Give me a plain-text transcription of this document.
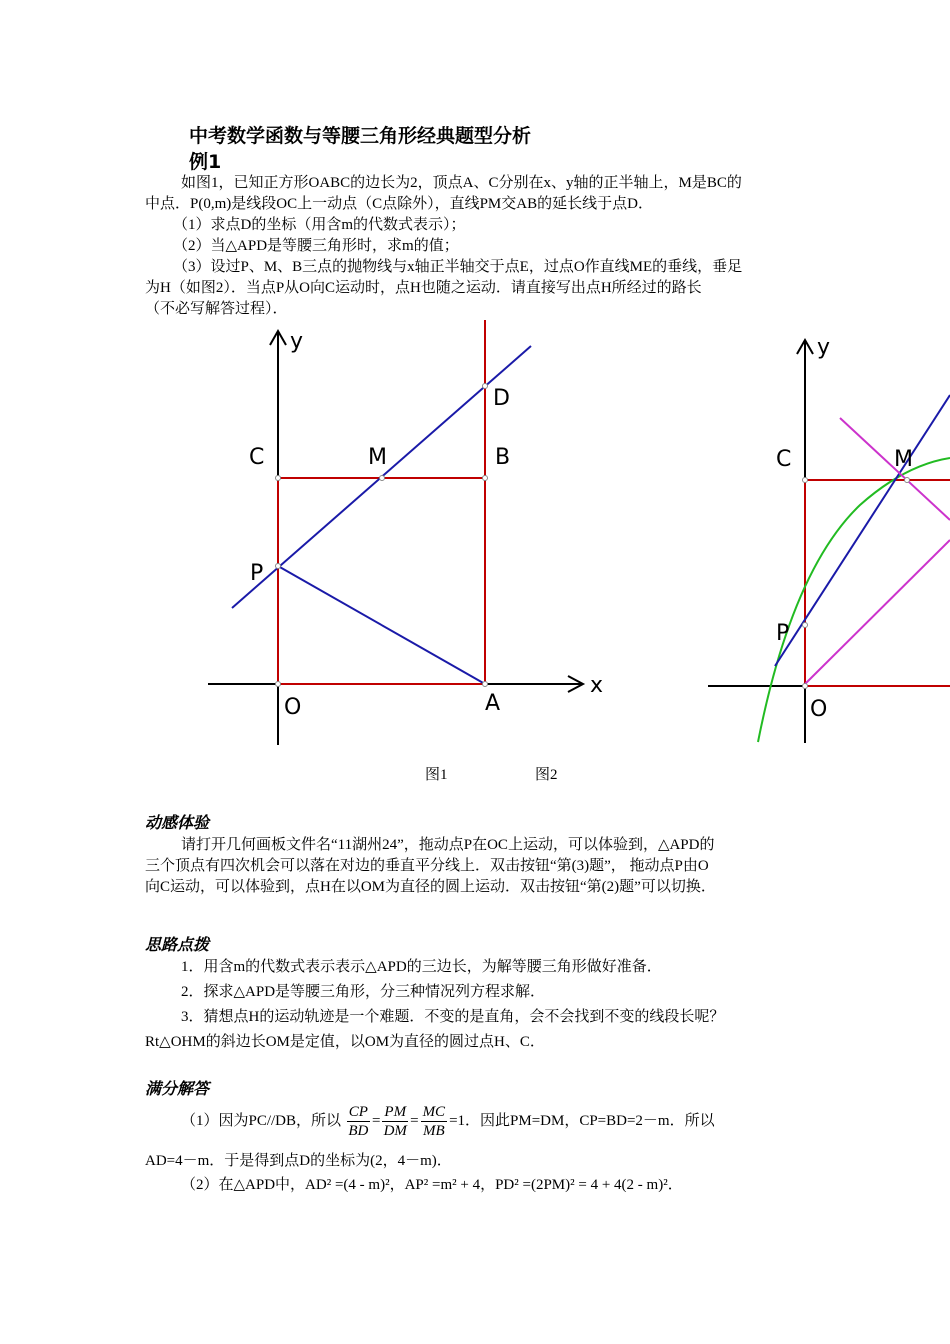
中考数学函数与等腰三角形经典题型分析
例1
如图1，已知正方形OABC的边长为2，顶点A、C分别在x、y轴的正半轴上，M是BC的
中点．P(0,m)是线段OC上一动点（C点除外），直线PM交AB的延长线于点D．
（1）求点D的坐标（用含m的代数式表示）；
（2）当△APD是等腰三角形时，求m的值；
（3）设过P、M、B三点的抛物线与x轴正半轴交于点E，过点O作直线ME的垂线，垂足
为H（如图2）．当点P从O向C运动时，点H也随之运动．请直接写出点H所经过的路长
（不必写解答过程）．
y
x
C	M	B
D
P
O	A
y
C	M
P
O
图1	图2
动感体验
请打开几何画板文件名“11湖州24”，拖动点P在OC上运动，可以体验到，△APD的
三个顶点有四次机会可以落在对边的垂直平分线上．双击按钮“第(3)题”， 拖动点P由O
向C运动，可以体验到，点H在以OM为直径的圆上运动．双击按钮“第(2)题”可以切换．
思路点拨
1．用含m的代数式表示表示△APD的三边长，为解等腰三角形做好准备．
2．探求△APD是等腰三角形，分三种情况列方程求解．
3．猜想点H的运动轨迹是一个难题．不变的是直角，会不会找到不变的线段长呢？
Rt△OHM的斜边长OM是定值，以OM为直径的圆过点H、C．
满分解答
（1）因为PC//DB，所以 $\frac{CP}{BD} = \frac{PM}{DM} = \frac{MC}{MB} =1$．因此PM=DM，CP=BD=2－m．所以
AD=4－m．于是得到点D的坐标为(2，4－m)．
（2）在△APD中，AD² =(4 - m)²，AP² =m² + 4，PD² =(2PM)² = 4 + 4(2 - m)²．
